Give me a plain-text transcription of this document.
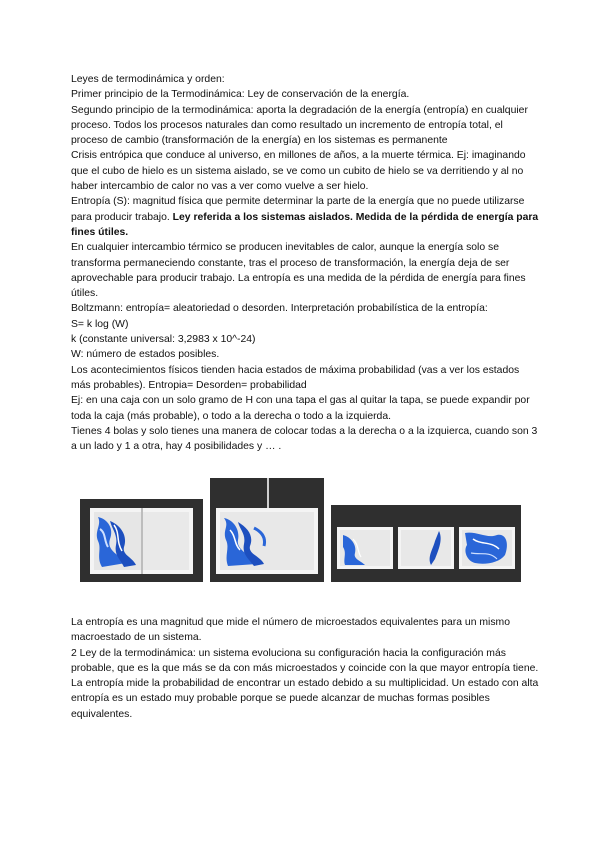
Leyes de termodinámica y orden:

Primer principio de la Termodinámica: Ley de conservación de la energía.

Segundo principio de la termodinámica: aporta la degradación de la energía (entropía) en cualquier proceso. Todos los procesos naturales dan como resultado un incremento de entropía total, el proceso de cambio (transformación de la energía) en los sistemas es permanente

Crisis entrópica que conduce al universo, en millones de años, a la muerte térmica. Ej: imaginando que el cubo de hielo es un sistema aislado, se ve como un cubito de hielo se va derritiendo y al no haber intercambio de calor no vas a ver como vuelve a ser hielo.

Entropía (S): magnitud física que permite determinar la parte de la energía que no puede utilizarse para producir trabajo. Ley referida a los sistemas aislados. Medida de la pérdida de energía para fines útiles.

En cualquier intercambio térmico se producen inevitables de calor, aunque la energía solo se transforma permaneciendo constante, tras el proceso de transformación, la energía deja de ser aprovechable para producir trabajo. La entropía es una medida de la pérdida de energía para fines útiles.

Boltzmann: entropía= aleatoriedad o desorden. Interpretación probabilística de la entropía:

S= k log (W)

k (constante universal: 3,2983 x 10^-24)

W: número de estados posibles.

Los acontecimientos físicos tienden hacia estados de máxima probabilidad (vas a ver los estados más probables). Entropia= Desorden= probabilidad

Ej: en una caja con un solo gramo de H con una tapa el gas al quitar la tapa, se puede expandir por toda la caja (más probable), o todo a la derecha o todo a la izquierda.

Tienes 4 bolas y solo tienes una manera de colocar todas a la derecha o a la izquierca, cuando son 3 a un lado y 1 a otra, hay 4 posibilidades y … .

La entropía es una magnitud que mide el número de microestados equivalentes para un mismo macroestado de un sistema.

2 Ley de la termodinámica: un sistema evoluciona su configuración hacia la configuración más probable, que es la que más se da con más microestados y coincide con la que mayor entropía tiene.

La entropía mide la probabilidad de encontrar un estado debido a su multiplicidad. Un estado con alta entropía es un estado muy probable porque se puede alcanzar de muchas formas posibles equivalentes.
